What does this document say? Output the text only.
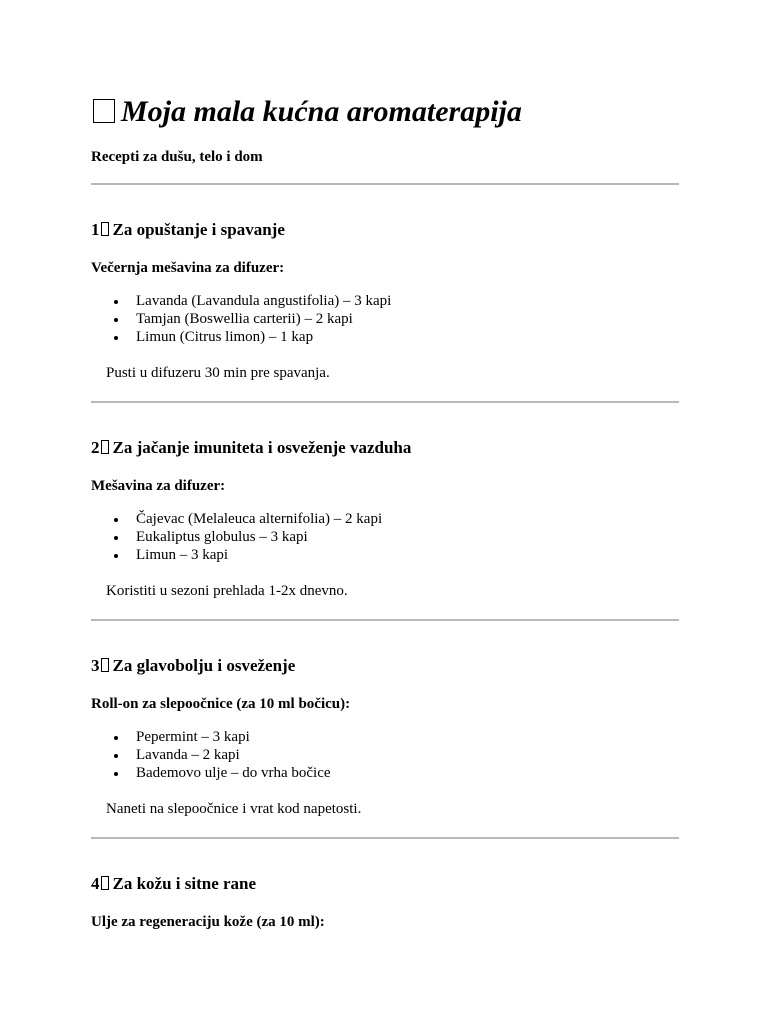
Moja mala kućna aromaterapija

Recepti za dušu, telo i dom

1 Za opuštanje i spavanje

Večernja mešavina za difuzer:

Lavanda (Lavandula angustifolia) – 3 kapi
Tamjan (Boswellia carterii) – 2 kapi
Limun (Citrus limon) – 1 kap

Pusti u difuzeru 30 min pre spavanja.

2 Za jačanje imuniteta i osveženje vazduha

Mešavina za difuzer:

Čajevac (Melaleuca alternifolia) – 2 kapi
Eukaliptus globulus – 3 kapi
Limun – 3 kapi

Koristiti u sezoni prehlada 1-2x dnevno.

3 Za glavobolju i osveženje

Roll-on za slepoočnice (za 10 ml bočicu):

Pepermint – 3 kapi
Lavanda – 2 kapi
Bademovo ulje – do vrha bočice

Naneti na slepoočnice i vrat kod napetosti.

4 Za kožu i sitne rane

Ulje za regeneraciju kože (za 10 ml):
